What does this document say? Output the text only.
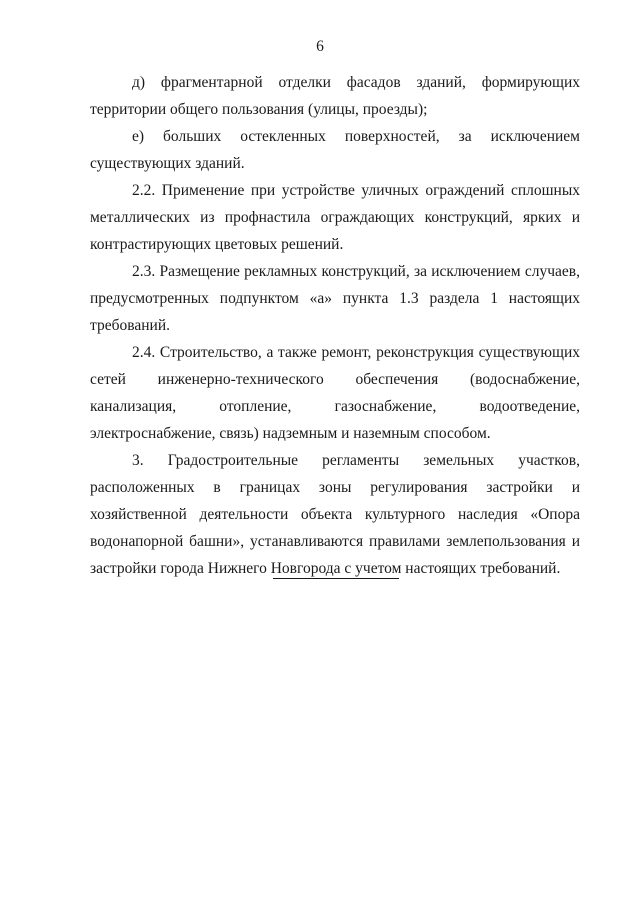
6

д) фрагментарной отделки фасадов зданий, формирующих территории общего пользования (улицы, проезды);

е) больших остекленных поверхностей, за исключением существующих зданий.

2.2. Применение при устройстве уличных ограждений сплошных металлических из профнастила ограждающих конструкций, ярких и контрастирующих цветовых решений.

2.3. Размещение рекламных конструкций, за исключением случаев, предусмотренных подпунктом «а» пункта 1.3 раздела 1 настоящих требований.

2.4. Строительство, а также ремонт, реконструкция существующих сетей инженерно-технического обеспечения (водоснабжение, канализация, отопление, газоснабжение, водоотведение, электроснабжение, связь) надземным и наземным способом.

3. Градостроительные регламенты земельных участков, расположенных в границах зоны регулирования застройки и хозяйственной деятельности объекта культурного наследия «Опора водонапорной башни», устанавливаются правилами землепользования и застройки города Нижнего Новгорода с учетом настоящих требований.
